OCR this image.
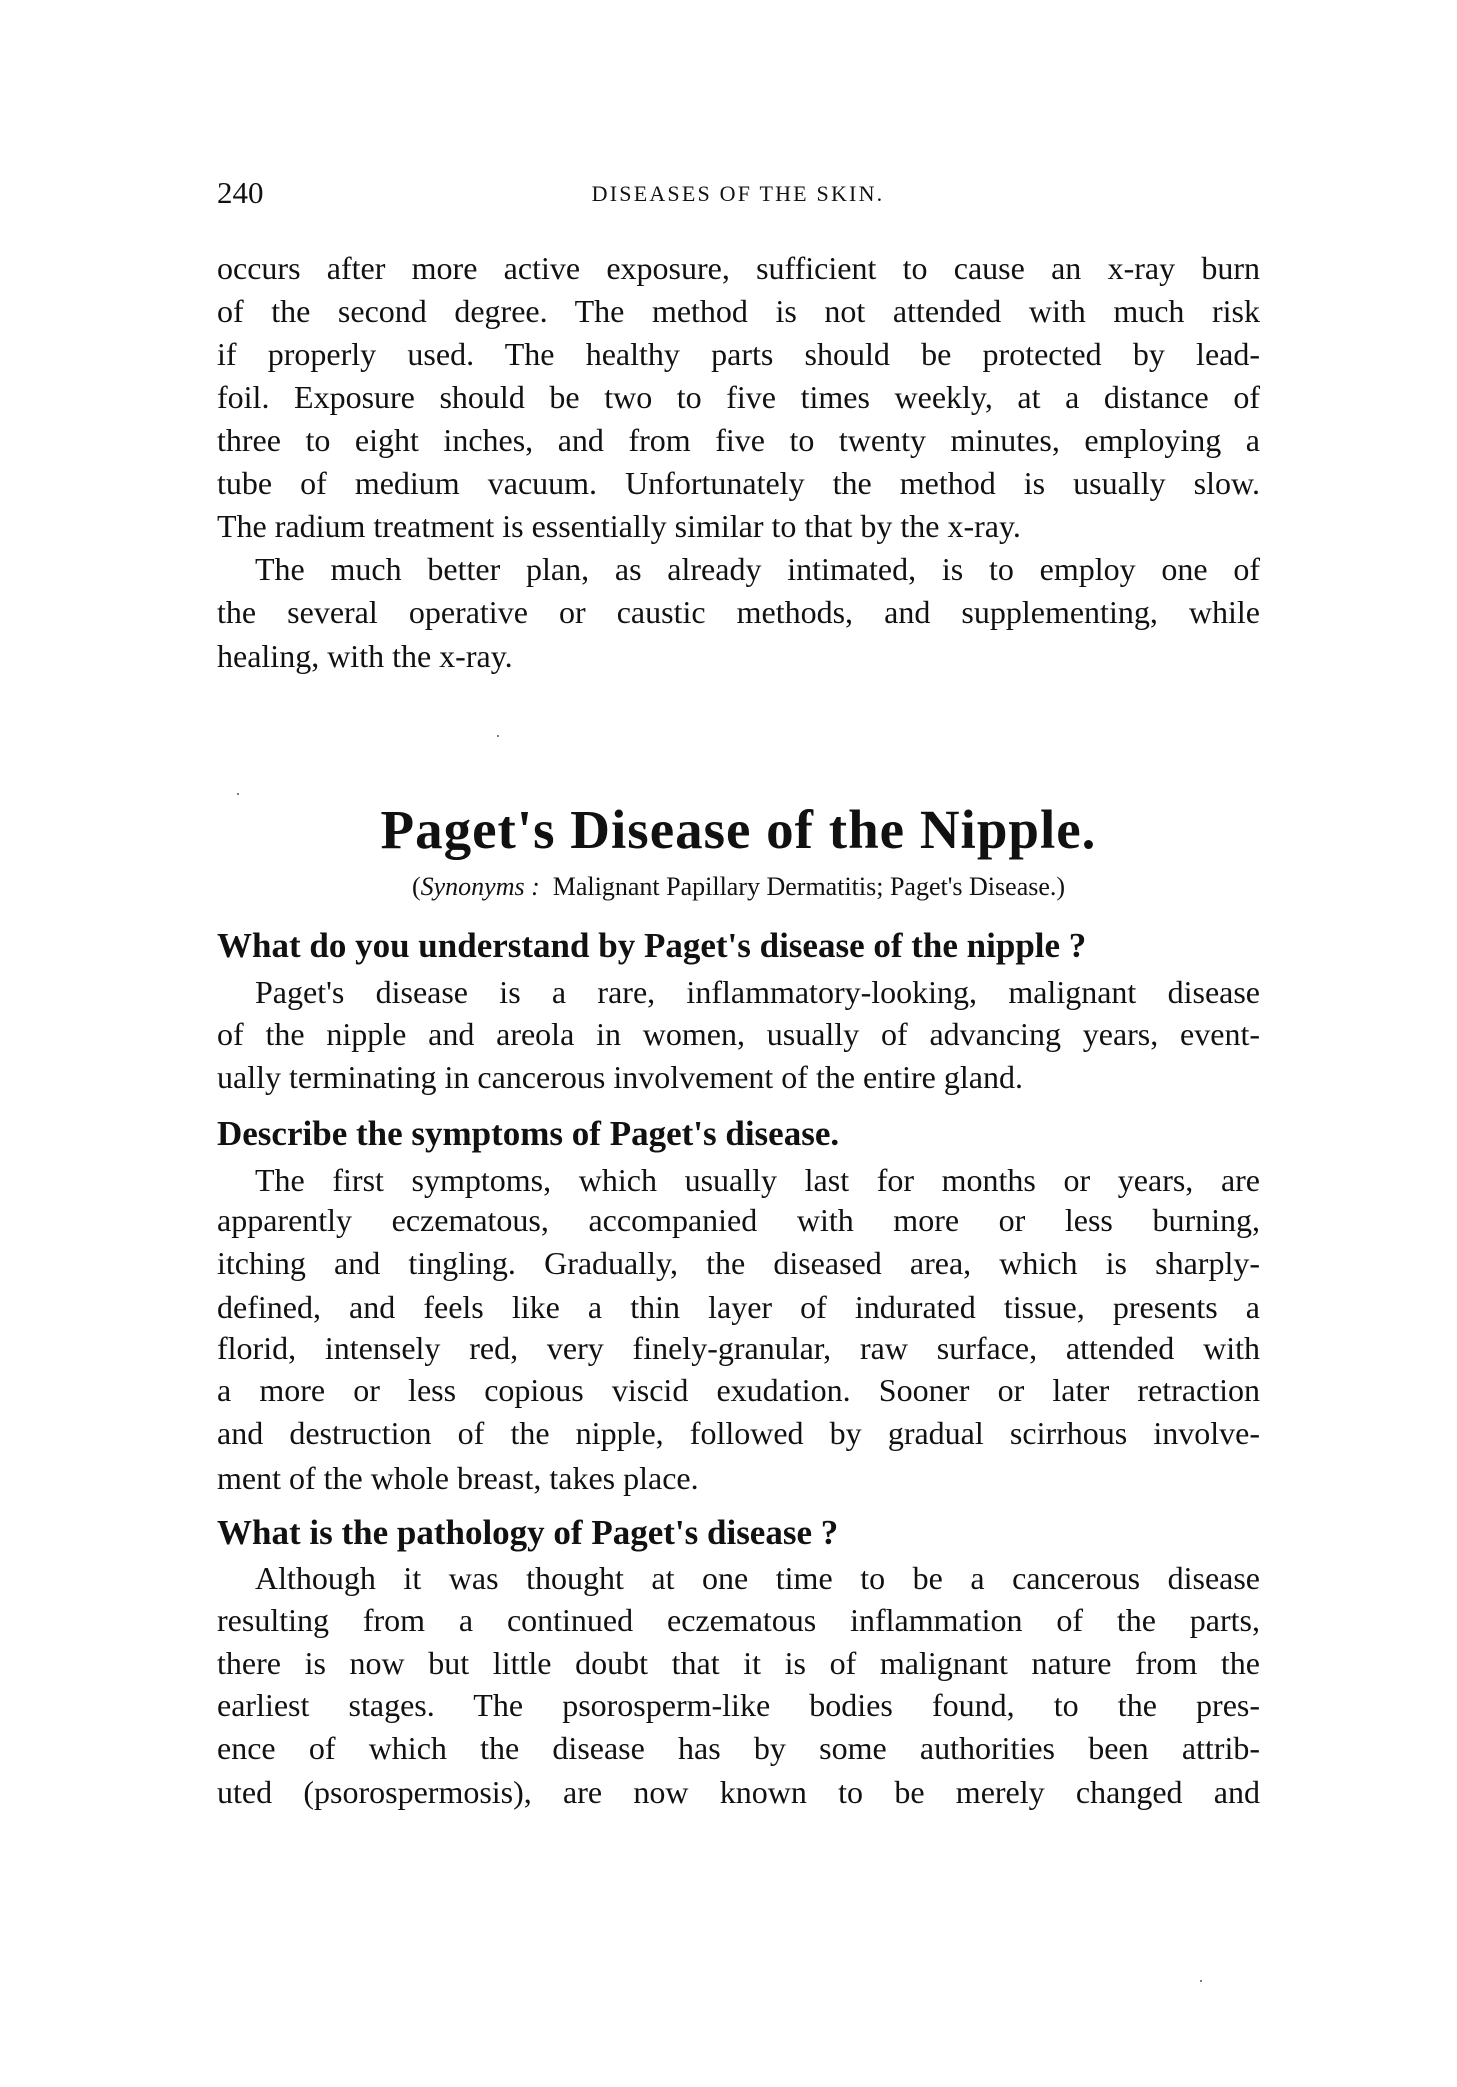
240	DISEASES OF THE SKIN.
occurs after more active exposure, sufficient to cause an x-ray burn
of the second degree. The method is not attended with much risk
if properly used. The healthy parts should be protected by lead-
foil. Exposure should be two to five times weekly, at a distance of
three to eight inches, and from five to twenty minutes, employing a
tube of medium vacuum. Unfortunately the method is usually slow.
The radium treatment is essentially similar to that by the x-ray.
The much better plan, as already intimated, is to employ one of
the several operative or caustic methods, and supplementing, while
healing, with the x-ray.
Paget's Disease of the Nipple.
(Synonyms : Malignant Papillary Dermatitis; Paget's Disease.)
What do you understand by Paget's disease of the nipple ?
Paget's disease is a rare, inflammatory-looking, malignant disease
of the nipple and areola in women, usually of advancing years, event-
ually terminating in cancerous involvement of the entire gland.
Describe the symptoms of Paget's disease.
The first symptoms, which usually last for months or years, are
apparently eczematous, accompanied with more or less burning,
itching and tingling. Gradually, the diseased area, which is sharply-
defined, and feels like a thin layer of indurated tissue, presents a
florid, intensely red, very finely-granular, raw surface, attended with
a more or less copious viscid exudation. Sooner or later retraction
and destruction of the nipple, followed by gradual scirrhous involve-
ment of the whole breast, takes place.
What is the pathology of Paget's disease ?
Although it was thought at one time to be a cancerous disease
resulting from a continued eczematous inflammation of the parts,
there is now but little doubt that it is of malignant nature from the
earliest stages. The psorosperm-like bodies found, to the pres-
ence of which the disease has by some authorities been attrib-
uted (psorospermosis), are now known to be merely changed and
